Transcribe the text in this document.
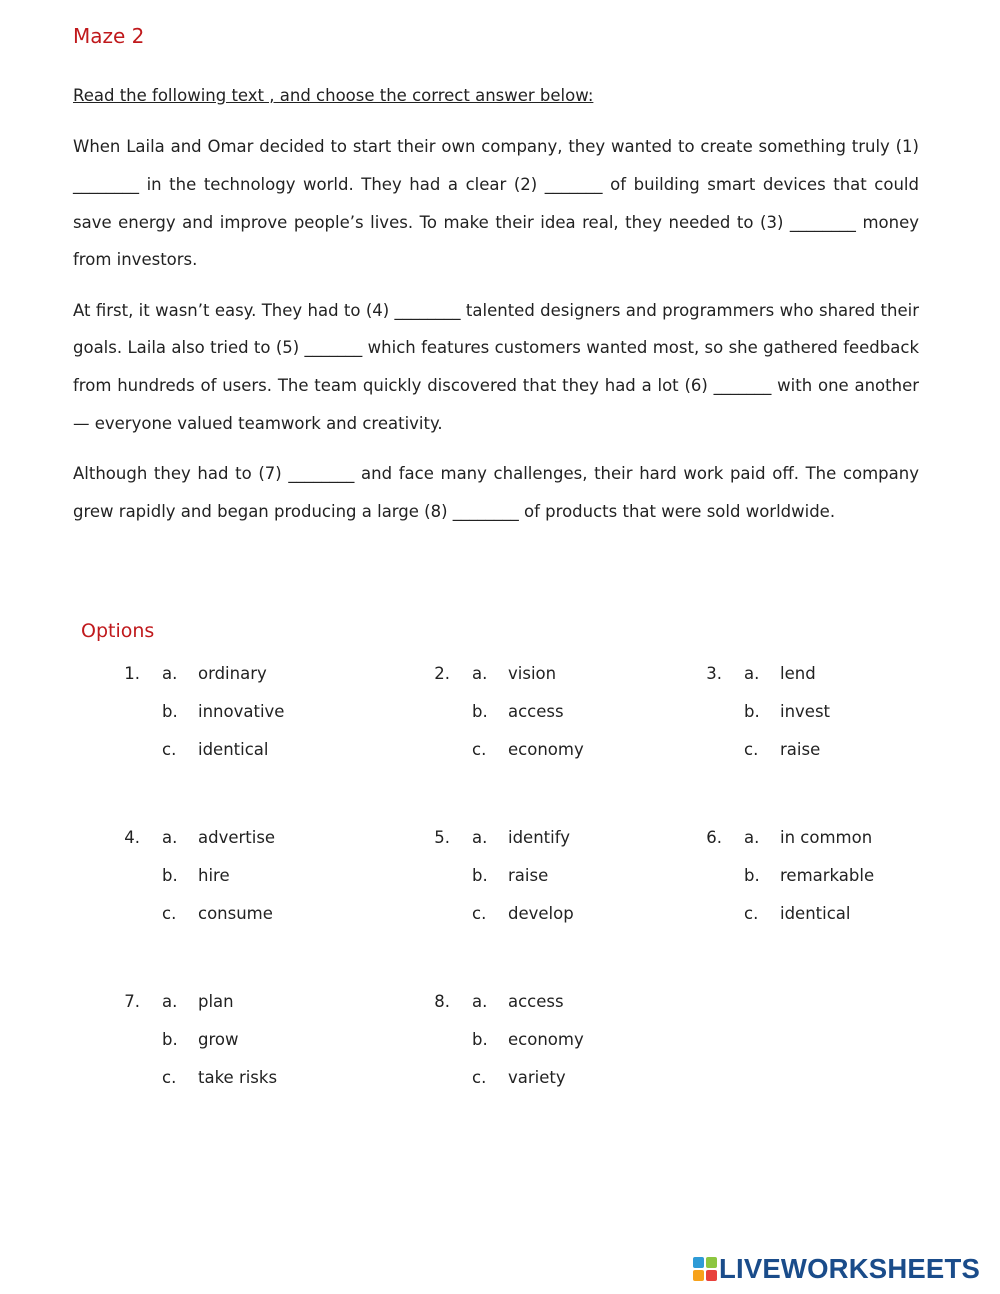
Maze 2

Read the following text , and choose the correct answer below:

When Laila and Omar decided to start their own company, they wanted to create something truly (1) ________ in the technology world. They had a clear (2) _______ of building smart devices that could save energy and improve people’s lives. To make their idea real, they needed to (3) ________ money from investors.

At first, it wasn’t easy. They had to (4) ________ talented designers and programmers who shared their goals. Laila also tried to (5) _______ which features customers wanted most, so she gathered feedback from hundreds of users. The team quickly discovered that they had a lot (6) _______ with one another — everyone valued teamwork and creativity.

Although they had to (7) ________ and face many challenges, their hard work paid off. The company grew rapidly and began producing a large (8) ________ of products that were sold worldwide.

Options
1. a. ordinary
b. innovative
c. identical
2. a. vision
b. access
c. economy
3. a. lend
b. invest
c. raise
4. a. advertise
b. hire
c. consume
5. a. identify
b. raise
c. develop
6. a. in common
b. remarkable
c. identical
7. a. plan
b. grow
c. take risks
8. a. access
b. economy
c. variety
LIVEWORKSHEETS
